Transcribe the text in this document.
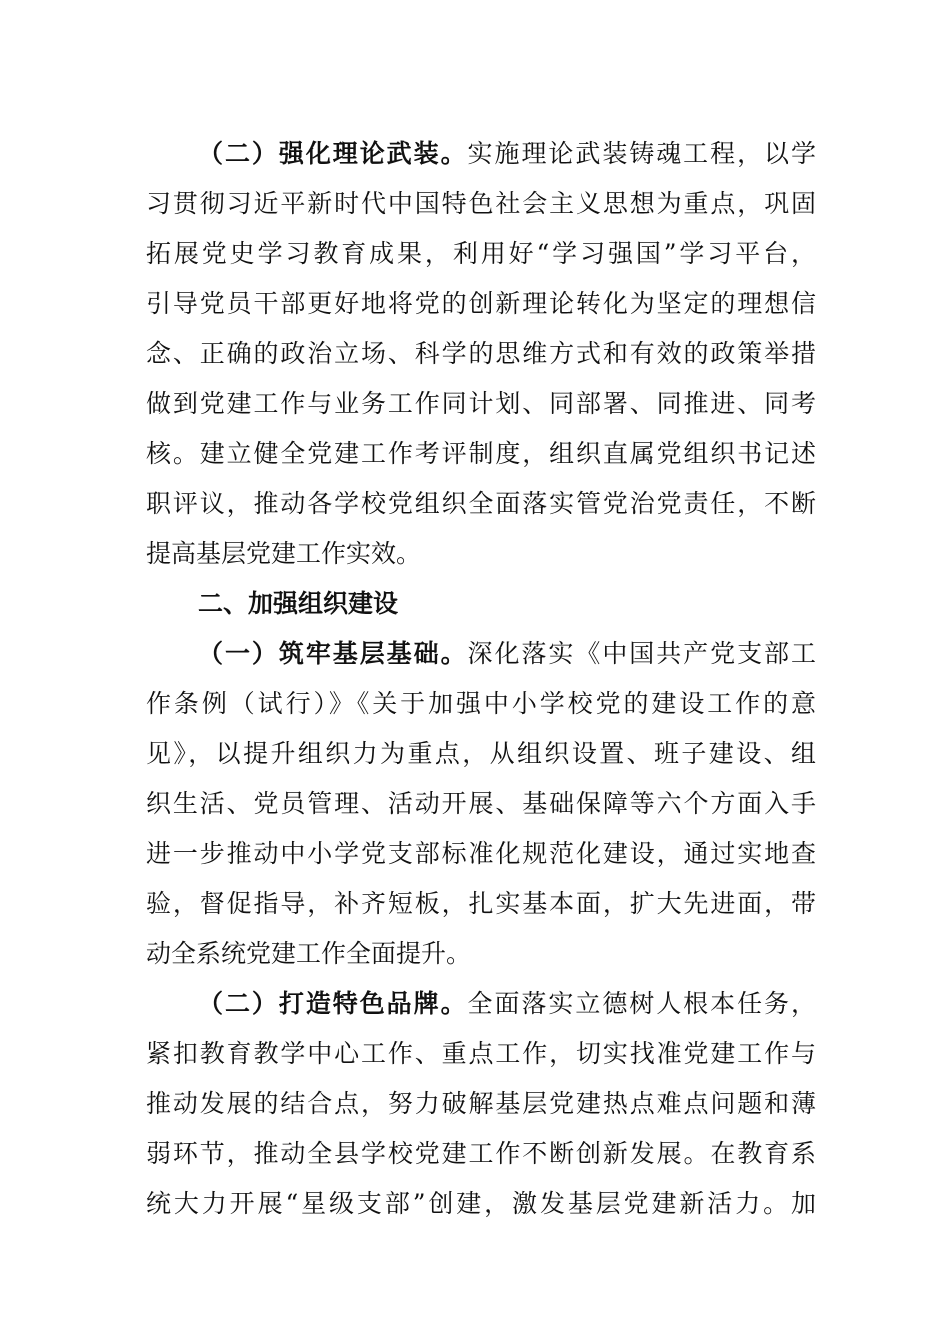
（二）强化理论武装。实施理论武装铸魂工程，以学
习贯彻习近平新时代中国特色社会主义思想为重点，巩固
拓展党史学习教育成果，利用好“学习强国”学习平台，
引导党员干部更好地将党的创新理论转化为坚定的理想信
念、正确的政治立场、科学的思维方式和有效的政策举措
做到党建工作与业务工作同计划、同部署、同推进、同考
核。建立健全党建工作考评制度，组织直属党组织书记述
职评议，推动各学校党组织全面落实管党治党责任，不断
提高基层党建工作实效。
二、加强组织建设
（一）筑牢基层基础。深化落实《中国共产党支部工
作条例（试行）》《关于加强中小学校党的建设工作的意
见》，以提升组织力为重点，从组织设置、班子建设、组
织生活、党员管理、活动开展、基础保障等六个方面入手
进一步推动中小学党支部标准化规范化建设，通过实地查
验，督促指导，补齐短板，扎实基本面，扩大先进面，带
动全系统党建工作全面提升。
（二）打造特色品牌。全面落实立德树人根本任务，
紧扣教育教学中心工作、重点工作，切实找准党建工作与
推动发展的结合点，努力破解基层党建热点难点问题和薄
弱环节，推动全县学校党建工作不断创新发展。在教育系
统大力开展“星级支部”创建，激发基层党建新活力。加
